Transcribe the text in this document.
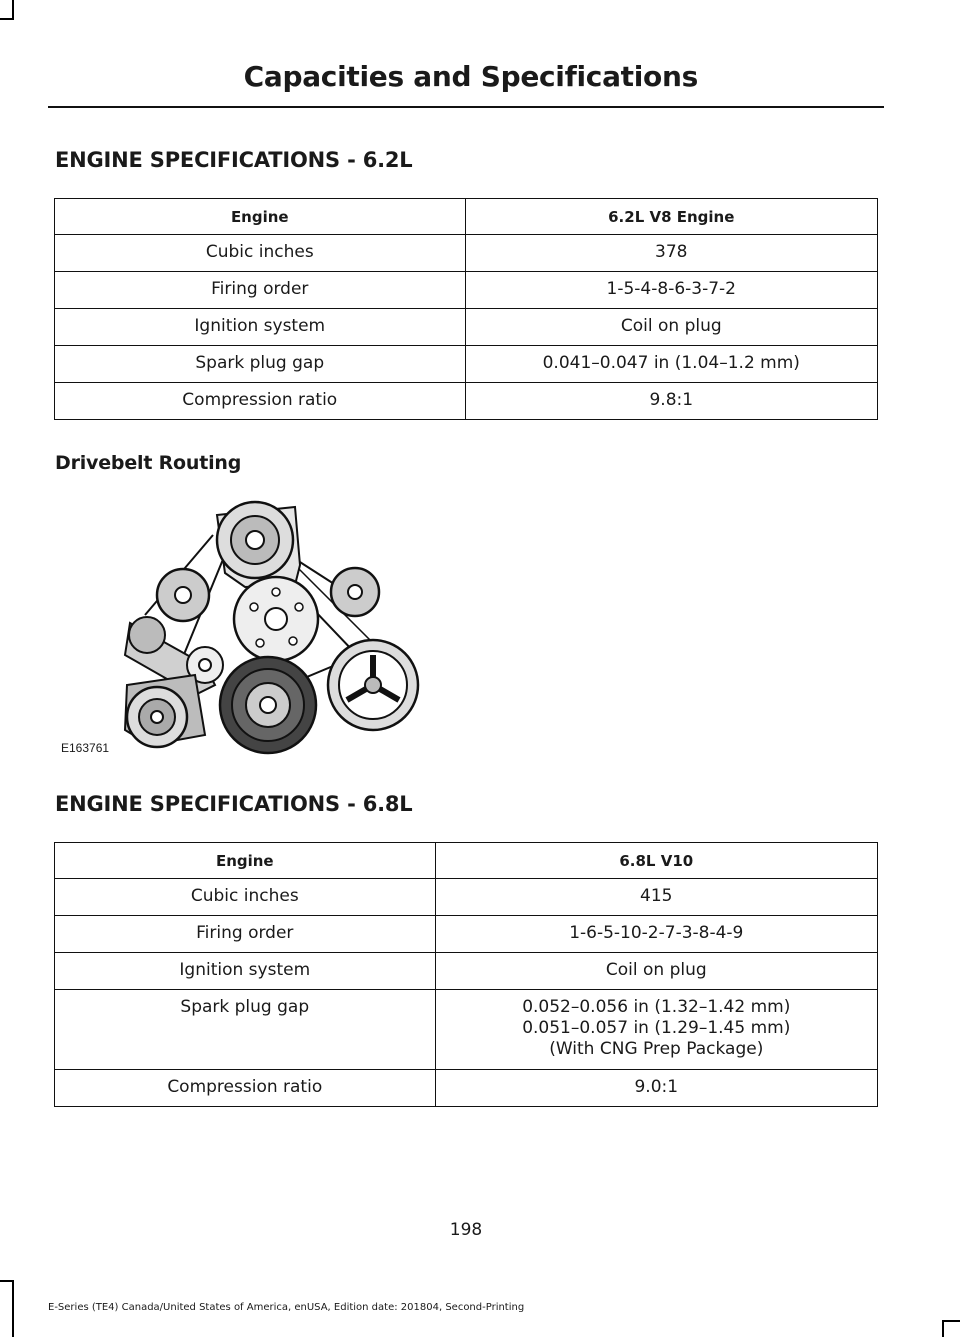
Capacities and Specifications
ENGINE SPECIFICATIONS - 6.2L
Engine	6.2L V8 Engine
Cubic inches	378
Firing order	1-5-4-8-6-3-7-2
Ignition system	Coil on plug
Spark plug gap	0.041–0.047 in (1.04–1.2 mm)
Compression ratio	9.8:1
Drivebelt Routing
E163761
ENGINE SPECIFICATIONS - 6.8L
Engine	6.8L V10
Cubic inches	415
Firing order	1-6-5-10-2-7-3-8-4-9
Ignition system	Coil on plug
Spark plug gap	0.052–0.056 in (1.32–1.42 mm)
0.051–0.057 in (1.29–1.45 mm)
(With CNG Prep Package)

Compression ratio	9.0:1
198
E-Series (TE4) Canada/United States of America, enUSA, Edition date: 201804, Second-Printing
